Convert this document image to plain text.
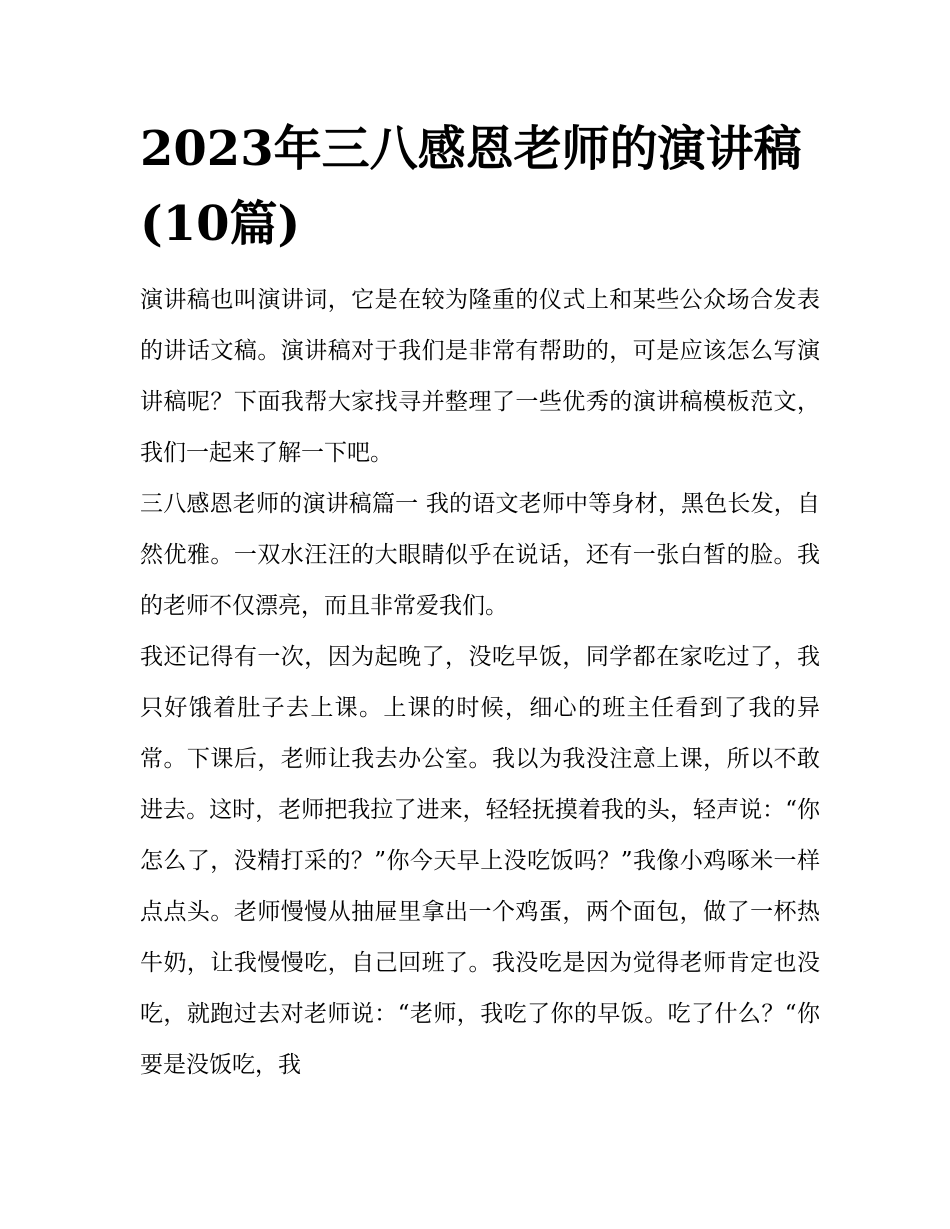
2023年三八感恩老师的演讲稿(10篇)

演讲稿也叫演讲词，它是在较为隆重的仪式上和某些公众场合发表的讲话文稿。演讲稿对于我们是非常有帮助的，可是应该怎么写演讲稿呢？下面我帮大家找寻并整理了一些优秀的演讲稿模板范文，我们一起来了解一下吧。

三八感恩老师的演讲稿篇一 我的语文老师中等身材，黑色长发，自然优雅。一双水汪汪的大眼睛似乎在说话，还有一张白皙的脸。我的老师不仅漂亮，而且非常爱我们。

我还记得有一次，因为起晚了，没吃早饭，同学都在家吃过了，我只好饿着肚子去上课。上课的时候，细心的班主任看到了我的异常。下课后，老师让我去办公室。我以为我没注意上课，所以不敢进去。这时，老师把我拉了进来，轻轻抚摸着我的头，轻声说：“你怎么了，没精打采的？”你今天早上没吃饭吗？”我像小鸡啄米一样点点头。老师慢慢从抽屉里拿出一个鸡蛋，两个面包，做了一杯热牛奶，让我慢慢吃，自己回班了。我没吃是因为觉得老师肯定也没吃，就跑过去对老师说：“老师，我吃了你的早饭。吃了什么？“你要是没饭吃，我
